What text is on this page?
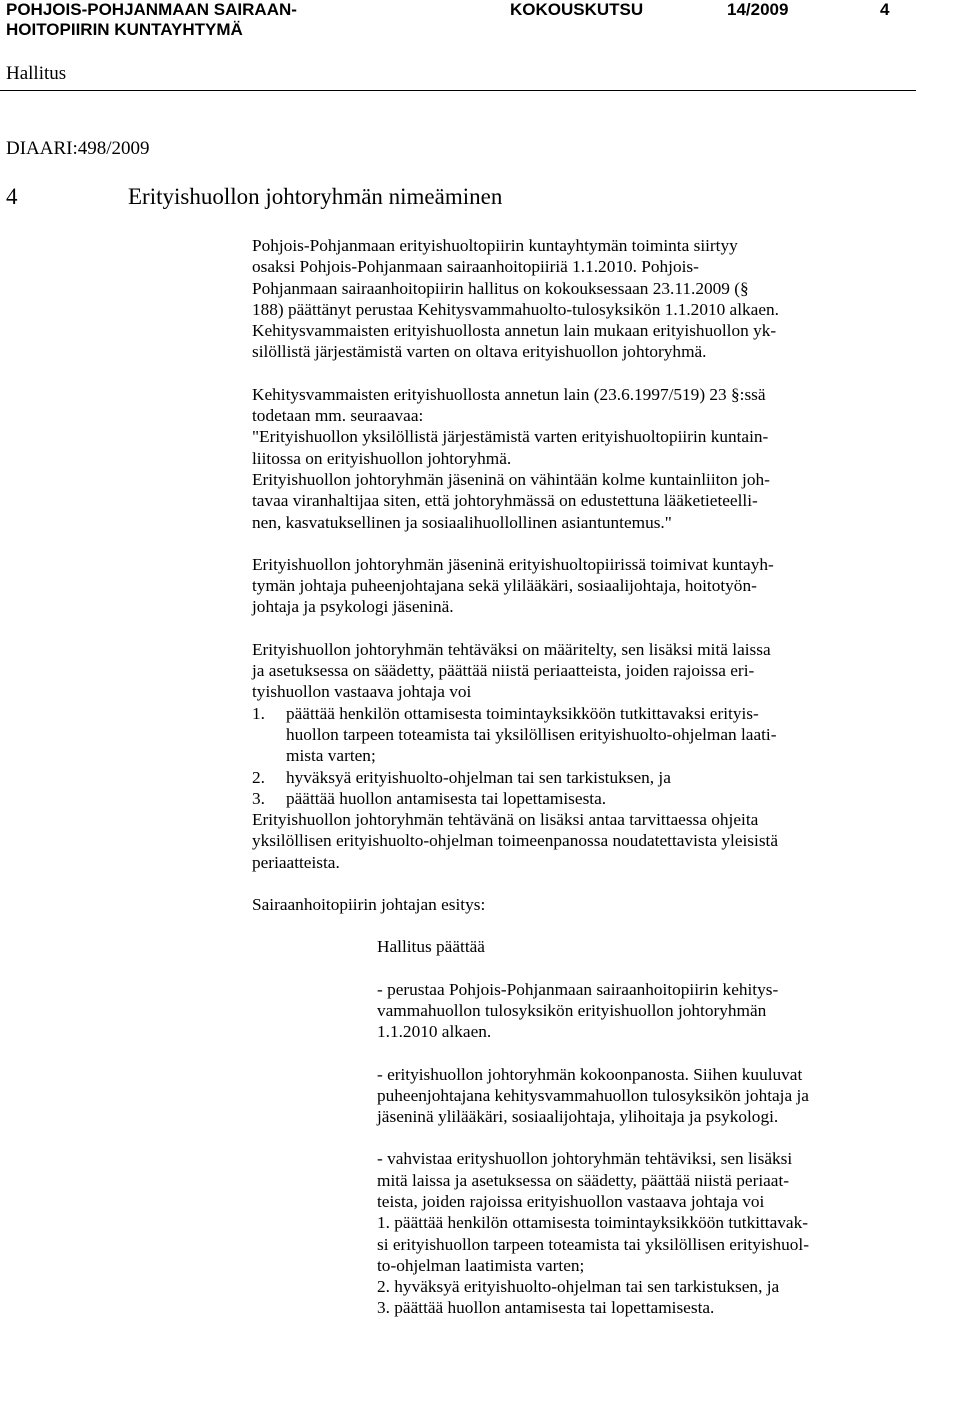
POHJOIS-POHJANMAAN SAIRAAN-
HOITOPIIRIN KUNTAYHTYMÄ
KOKOUSKUTSU	14/2009	4
Hallitus
DIAARI:498/2009
4	Erityishuollon johtoryhmän nimeäminen

Pohjois-Pohjanmaan erityishuoltopiirin kuntayhtymän toiminta siirtyy

osaksi Pohjois-Pohjanmaan sairaanhoitopiiriä 1.1.2010. Pohjois-

Pohjanmaan sairaanhoitopiirin hallitus on kokouksessaan 23.11.2009 (§

188) päättänyt perustaa Kehitysvammahuolto-tulosyksikön 1.1.2010 alkaen.

Kehitysvammaisten erityishuollosta annetun lain mukaan erityishuollon yk-

silöllistä järjestämistä varten on oltava erityishuollon johtoryhmä.

Kehitysvammaisten erityishuollosta annetun lain (23.6.1997/519) 23 §:ssä

todetaan mm. seuraavaa:

"Erityishuollon yksilöllistä järjestämistä varten erityishuoltopiirin kuntain-

liitossa on erityishuollon johtoryhmä.

Erityishuollon johtoryhmän jäseninä on vähintään kolme kuntainliiton joh-

tavaa viranhaltijaa siten, että johtoryhmässä on edustettuna lääketieteelli-

nen, kasvatuksellinen ja sosiaalihuollollinen asiantuntemus."

Erityishuollon johtoryhmän jäseninä erityishuoltopiirissä toimivat kuntayh-

tymän johtaja puheenjohtajana sekä ylilääkäri, sosiaalijohtaja, hoitotyön-

johtaja ja psykologi jäseninä.

Erityishuollon johtoryhmän tehtäväksi on määritelty, sen lisäksi mitä laissa

ja asetuksessa on säädetty, päättää niistä periaatteista, joiden rajoissa eri-

tyishuollon vastaava johtaja voi

1.	päättää henkilön ottamisesta toimintayksikköön tutkittavaksi erityis-

huollon tarpeen toteamista tai yksilöllisen erityishuolto-ohjelman laati-

mista varten;

2.	hyväksyä erityishuolto-ohjelman tai sen tarkistuksen, ja
3.	päättää huollon antamisesta tai lopettamisesta.

Erityishuollon johtoryhmän tehtävänä on lisäksi antaa tarvittaessa ohjeita

yksilöllisen erityishuolto-ohjelman toimeenpanossa noudatettavista yleisistä

periaatteista.

Sairaanhoitopiirin johtajan esitys:

Hallitus päättää

- perustaa Pohjois-Pohjanmaan sairaanhoitopiirin kehitys-

vammahuollon tulosyksikön erityishuollon johtoryhmän

1.1.2010 alkaen.

- erityishuollon johtoryhmän kokoonpanosta. Siihen kuuluvat

puheenjohtajana kehitysvammahuollon tulosyksikön johtaja ja

jäseninä ylilääkäri, sosiaalijohtaja, ylihoitaja ja psykologi.

- vahvistaa erityshuollon johtoryhmän tehtäviksi, sen lisäksi

mitä laissa ja asetuksessa on säädetty, päättää niistä periaat-

teista, joiden rajoissa erityishuollon vastaava johtaja voi

1. päättää henkilön ottamisesta toimintayksikköön tutkittavak-

si erityishuollon tarpeen toteamista tai yksilöllisen erityishuol-

to-ohjelman laatimista varten;

2. hyväksyä erityishuolto-ohjelman tai sen tarkistuksen, ja

3. päättää huollon antamisesta tai lopettamisesta.
